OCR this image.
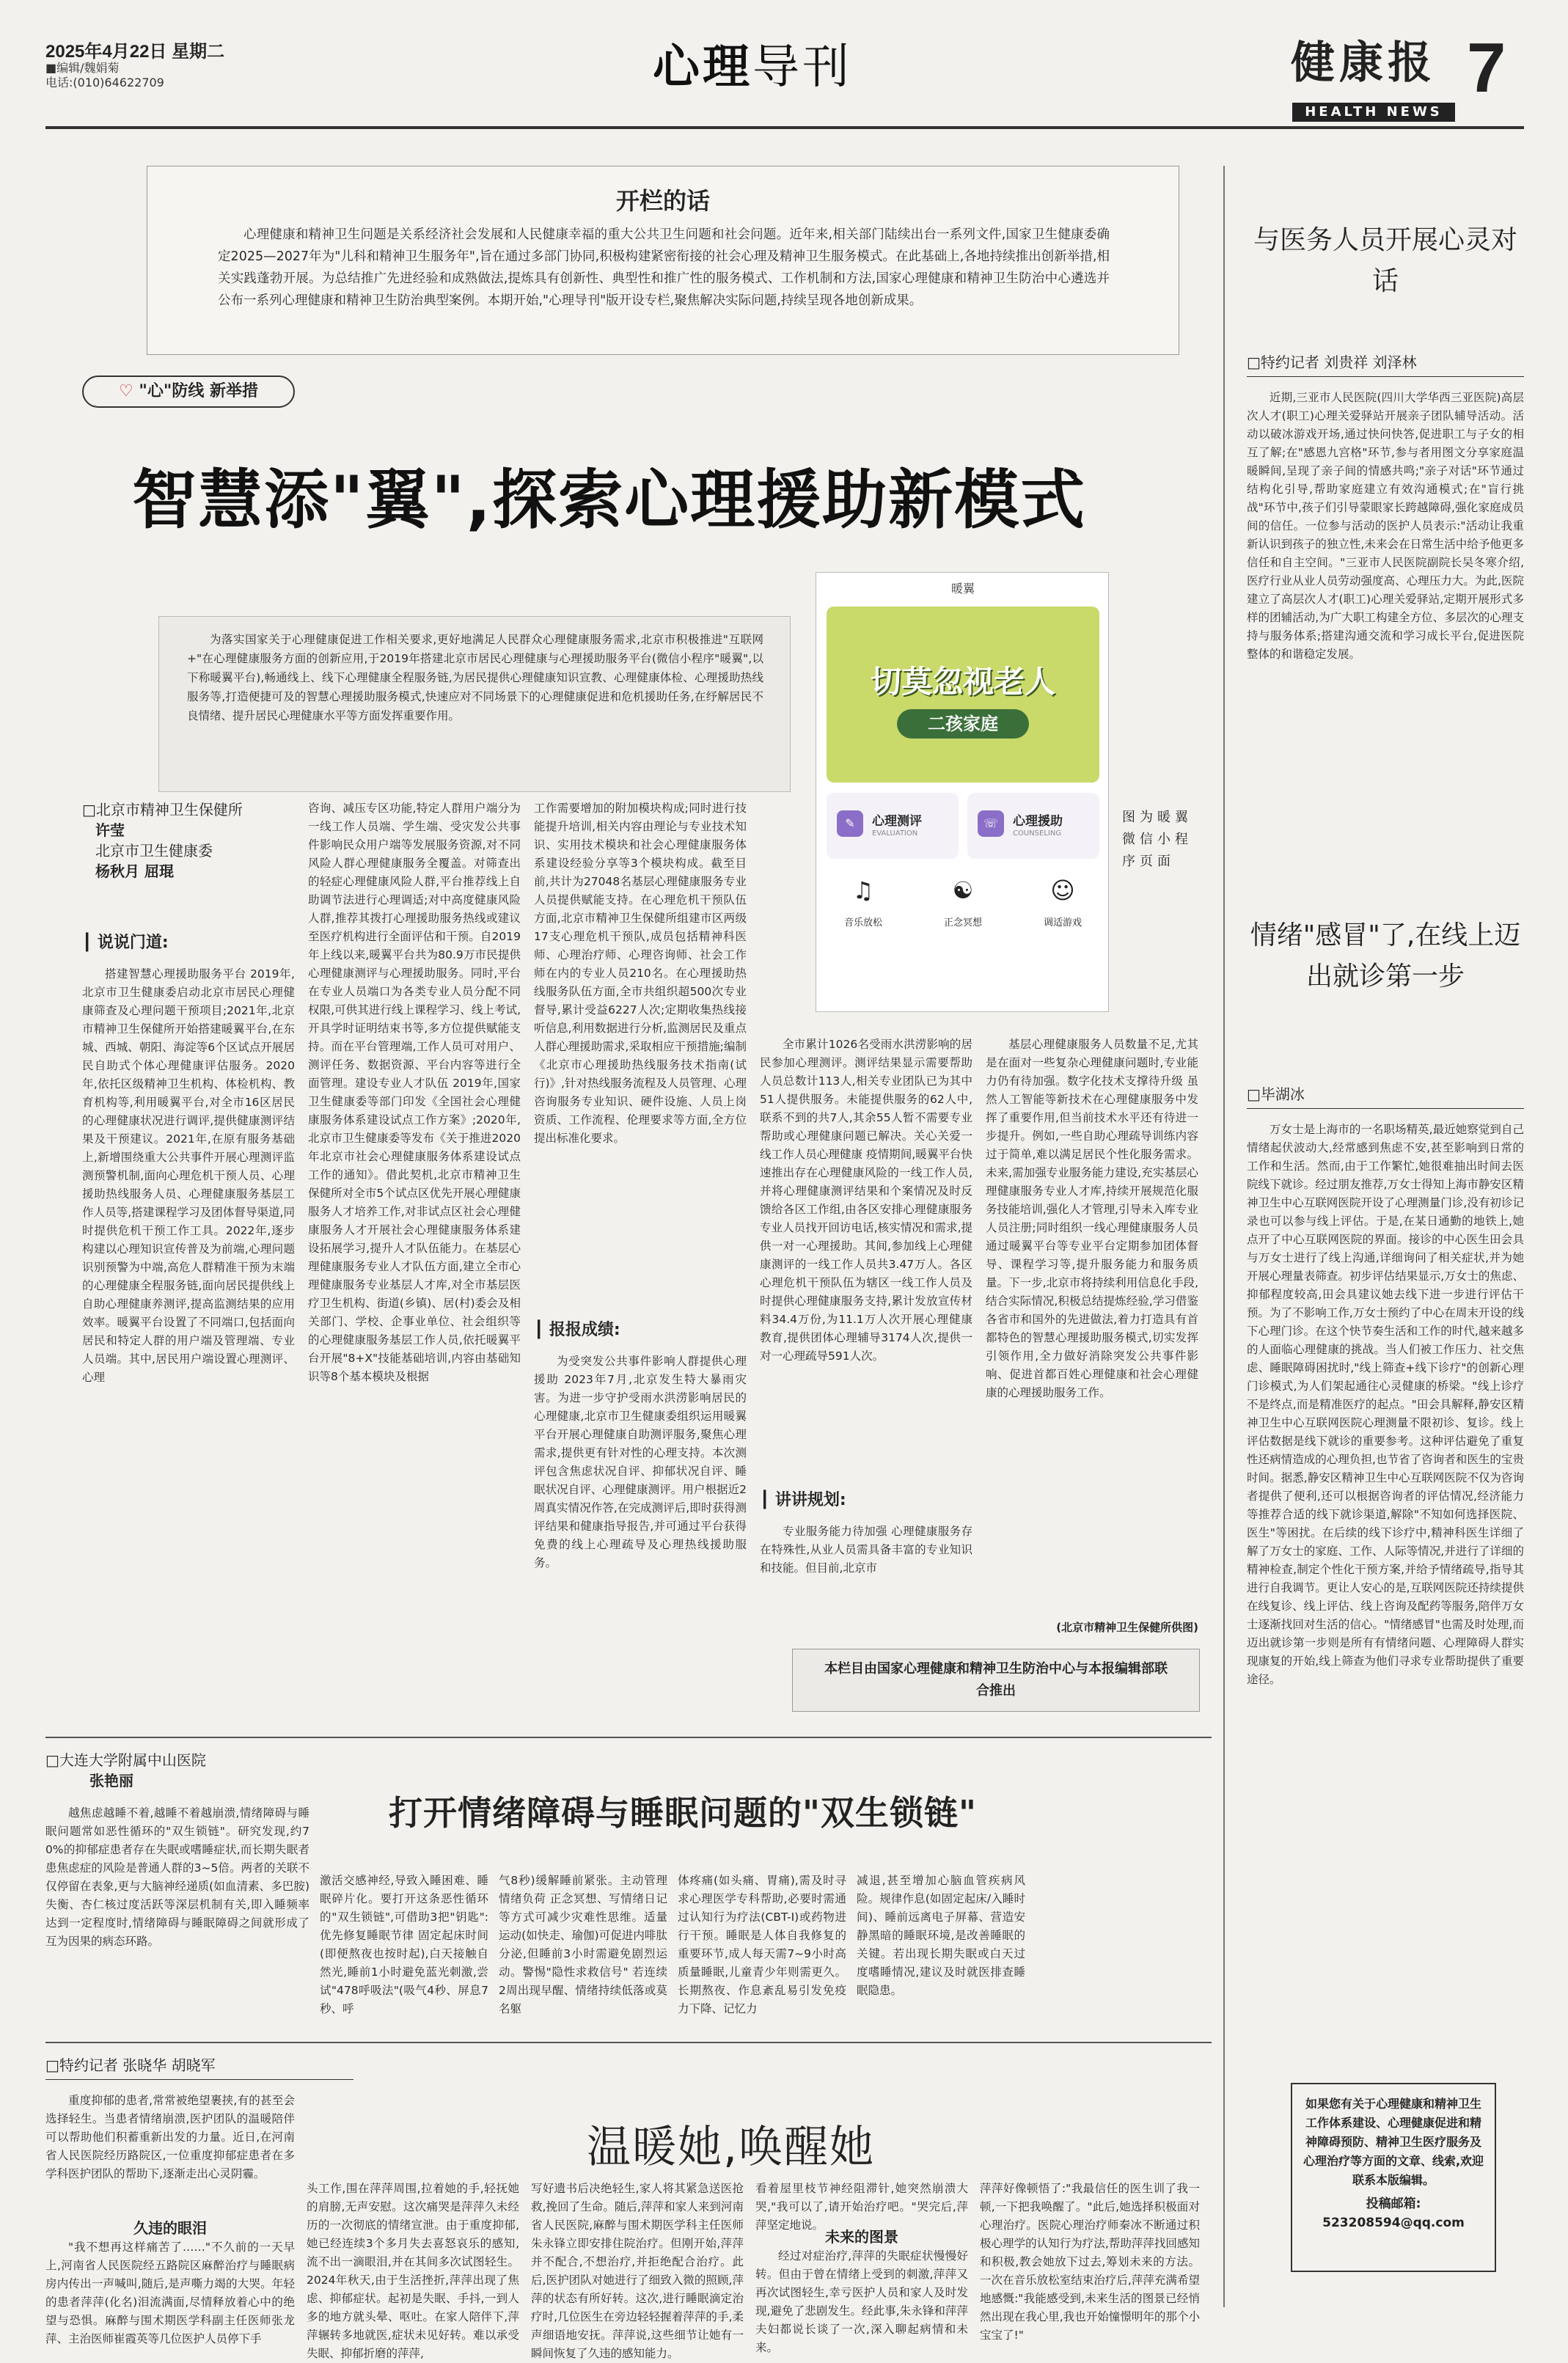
2025年4月22日 星期二
■编辑/魏娟菊
电话:(010)64622709	心理导刊	健康报
HEALTH NEWS
7
开栏的话
心理健康和精神卫生问题是关系经济社会发展和人民健康幸福的重大公共卫生问题和社会问题。近年来,相关部门陆续出台一系列文件,国家卫生健康委确定2025—2027年为"儿科和精神卫生服务年",旨在通过多部门协同,积极构建紧密衔接的社会心理及精神卫生服务模式。在此基础上,各地持续推出创新举措,相关实践蓬勃开展。为总结推广先进经验和成熟做法,提炼具有创新性、典型性和推广性的服务模式、工作机制和方法,国家心理健康和精神卫生防治中心遴选并公布一系列心理健康和精神卫生防治典型案例。本期开始,"心理导刊"版开设专栏,聚焦解决实际问题,持续呈现各地创新成果。
♡ "心"防线 新举措
智慧添"翼",探索心理援助新模式
为落实国家关于心理健康促进工作相关要求,更好地满足人民群众心理健康服务需求,北京市积极推进"互联网+"在心理健康服务方面的创新应用,于2019年搭建北京市居民心理健康与心理援助服务平台(微信小程序"暖翼",以下称暖翼平台),畅通线上、线下心理健康全程服务链,为居民提供心理健康知识宣教、心理健康体检、心理援助热线服务等,打造便捷可及的智慧心理援助服务模式,快速应对不同场景下的心理健康促进和危机援助任务,在纾解居民不良情绪、提升居民心理健康水平等方面发挥重要作用。
暖翼
切莫忽视老人
二孩家庭
✎	心理测评
EVALUATION
☏	心理援助
COUNSELING
♫
音乐放松
☯
正念冥想
☺
调适游戏
图为暖翼微信小程序页面
□北京市精神卫生保健所
许莹
北京市卫生健康委
杨秋月 屈琨
┃ 说说门道:
搭建智慧心理援助服务平台 2019年,北京市卫生健康委启动北京市居民心理健康筛查及心理问题干预项目;2021年,北京市精神卫生保健所开始搭建暖翼平台,在东城、西城、朝阳、海淀等6个区试点开展居民自助式个体心理健康评估服务。2020年,依托区级精神卫生机构、体检机构、教育机构等,利用暖翼平台,对全市16区居民的心理健康状况进行调评,提供健康测评结果及干预建议。2021年,在原有服务基础上,新增围绕重大公共事件开展心理测评监测预警机制,面向心理危机干预人员、心理援助热线服务人员、心理健康服务基层工作人员等,搭建课程学习及团体督导渠道,同时提供危机干预工作工具。2022年,逐步构建以心理知识宣传普及为前端,心理问题识别预警为中端,高危人群精准干预为末端的心理健康全程服务链,面向居民提供线上自助心理健康养测评,提高监测结果的应用效率。暖翼平台设置了不同端口,包括面向居民和特定人群的用户端及管理端、专业人员端。其中,居民用户端设置心理测评、心理
咨询、减压专区功能,特定人群用户端分为一线工作人员端、学生端、受灾发公共事件影响民众用户端等发展服务资源,对不同风险人群心理健康服务全覆盖。对筛查出的轻症心理健康风险人群,平台推荐线上自助调节法进行心理调适;对中高度健康风险人群,推荐其拨打心理援助服务热线或建议至医疗机构进行全面评估和干预。自2019年上线以来,暖翼平台共为80.9万市民提供心理健康测评与心理援助服务。同时,平台在专业人员端口为各类专业人员分配不同权限,可供其进行线上课程学习、线上考试,开具学时证明结束书等,多方位提供赋能支持。而在平台管理端,工作人员可对用户、测评任务、数据资源、平台内容等进行全面管理。建设专业人才队伍 2019年,国家卫生健康委等部门印发《全国社会心理健康服务体系建设试点工作方案》;2020年,北京市卫生健康委等发布《关于推进2020年北京市社会心理健康服务体系建设试点工作的通知》。借此契机,北京市精神卫生保健所对全市5个试点区优先开展心理健康服务人才培养工作,对非试点区社会心理健康服务人才开展社会心理健康服务体系建设拓展学习,提升人才队伍能力。在基层心理健康服务专业人才队伍方面,建立全市心理健康服务专业基层人才库,对全市基层医疗卫生机构、街道(乡镇)、居(村)委会及相关部门、学校、企事业单位、社会组织等的心理健康服务基层工作人员,依托暖翼平台开展"8+X"技能基础培训,内容由基础知识等8个基本模块及根据
工作需要增加的附加模块构成;同时进行技能提升培训,相关内容由理论与专业技术知识、实用技术模块和社会心理健康服务体系建设经验分享等3个模块构成。截至目前,共计为27048名基层心理健康服务专业人员提供赋能支持。在心理危机干预队伍方面,北京市精神卫生保健所组建市区两级17支心理危机干预队,成员包括精神科医师、心理治疗师、心理咨询师、社会工作师在内的专业人员210名。在心理援助热线服务队伍方面,全市共组织超500次专业督导,累计受益6227人次;定期收集热线接听信息,利用数据进行分析,监测居民及重点人群心理援助需求,采取相应干预措施;编制《北京市心理援助热线服务技术指南(试行)》,针对热线服务流程及人员管理、心理咨询服务专业知识、硬件设施、人员上岗资质、工作流程、伦理要求等方面,全方位提出标准化要求。
┃ 报报成绩:
为受突发公共事件影响人群提供心理援助 2023年7月,北京发生特大暴雨灾害。为进一步守护受雨水洪涝影响居民的心理健康,北京市卫生健康委组织运用暖翼平台开展心理健康自助测评服务,聚焦心理需求,提供更有针对性的心理支持。本次测评包含焦虑状况自评、抑郁状况自评、睡眠状况自评、心理健康测评。用户根据近2周真实情况作答,在完成测评后,即时获得测评结果和健康指导报告,并可通过平台获得免费的线上心理疏导及心理热线援助服务。
全市累计1026名受雨水洪涝影响的居民参加心理测评。测评结果显示需要帮助人员总数计113人,相关专业团队已为其中51人提供服务。未能提供服务的62人中,联系不到的共7人,其余55人暂不需要专业帮助或心理健康问题已解决。关心关爱一线工作人员心理健康 疫情期间,暖翼平台快速推出存在心理健康风险的一线工作人员,并将心理健康测评结果和个案情况及时反馈给各区工作组,由各区安排心理健康服务专业人员找开回访电话,核实情况和需求,提供一对一心理援助。其间,参加线上心理健康测评的一线工作人员共3.47万人。各区心理危机干预队伍为辖区一线工作人员及时提供心理健康服务支持,累计发放宣传材料34.4万份,为11.1万人次开展心理健康教育,提供团体心理辅导3174人次,提供一对一心理疏导591人次。
┃ 讲讲规划:
专业服务能力待加强 心理健康服务存在特殊性,从业人员需具备丰富的专业知识和技能。但目前,北京市
基层心理健康服务人员数量不足,尤其是在面对一些复杂心理健康问题时,专业能力仍有待加强。数字化技术支撑待升级 虽然人工智能等新技术在心理健康服务中发挥了重要作用,但当前技术水平还有待进一步提升。例如,一些自助心理疏导训练内容过于简单,难以满足居民个性化服务需求。未来,需加强专业服务能力建设,充实基层心理健康服务专业人才库,持续开展规范化服务技能培训,强化人才管理,引导未入库专业人员注册;同时组织一线心理健康服务人员通过暖翼平台等专业平台定期参加团体督导、课程学习等,提升服务能力和服务质量。下一步,北京市将持续利用信息化手段,结合实际情况,积极总结提炼经验,学习借鉴各省市和国外的先进做法,着力打造具有首都特色的智慧心理援助服务模式,切实发挥引领作用,全力做好消除突发公共事件影响、促进首都百姓心理健康和社会心理健康的心理援助服务工作。
(北京市精神卫生保健所供图)
本栏目由国家心理健康和精神卫生防治中心与本报编辑部联合推出
与医务人员开展心灵对话
□特约记者 刘贵祥 刘泽林
近期,三亚市人民医院(四川大学华西三亚医院)高层次人才(职工)心理关爱驿站开展亲子团队辅导活动。活动以破冰游戏开场,通过快问快答,促进职工与子女的相互了解;在"感恩九宫格"环节,参与者用图文分享家庭温暖瞬间,呈现了亲子间的情感共鸣;"亲子对话"环节通过结构化引导,帮助家庭建立有效沟通模式;在"盲行挑战"环节中,孩子们引导蒙眼家长跨越障碍,强化家庭成员间的信任。一位参与活动的医护人员表示:"活动让我重新认识到孩子的独立性,未来会在日常生活中给予他更多信任和自主空间。"三亚市人民医院副院长吴冬寒介绍,医疗行业从业人员劳动强度高、心理压力大。为此,医院建立了高层次人才(职工)心理关爱驿站,定期开展形式多样的团辅活动,为广大职工构建全方位、多层次的心理支持与服务体系;搭建沟通交流和学习成长平台,促进医院整体的和谐稳定发展。
情绪"感冒"了,在线上迈出就诊第一步
□毕湖冰
万女士是上海市的一名职场精英,最近她察觉到自己情绪起伏波动大,经常感到焦虑不安,甚至影响到日常的工作和生活。然而,由于工作繁忙,她很难抽出时间去医院线下就诊。经过朋友推荐,万女士得知上海市静安区精神卫生中心互联网医院开设了心理测量门诊,没有初诊记录也可以参与线上评估。于是,在某日通勤的地铁上,她点开了中心互联网医院的界面。接诊的中心医生田会具与万女士进行了线上沟通,详细询问了相关症状,并为她开展心理量表筛查。初步评估结果显示,万女士的焦虑、抑郁程度较高,田会具建议她去线下进一步进行评估干预。为了不影响工作,万女士预约了中心在周末开设的线下心理门诊。在这个快节奏生活和工作的时代,越来越多的人面临心理健康的挑战。当人们被工作压力、社交焦虑、睡眠障碍困扰时,"线上筛查+线下诊疗"的创新心理门诊模式,为人们架起通往心灵健康的桥梁。"线上诊疗不是终点,而是精准医疗的起点。"田会具解释,静安区精神卫生中心互联网医院心理测量不限初诊、复诊。线上评估数据是线下就诊的重要参考。这种评估避免了重复性还病情造成的心理负担,也节省了咨询者和医生的宝贵时间。据悉,静安区精神卫生中心互联网医院不仅为咨询者提供了便利,还可以根据咨询者的评估情况,经济能力等推荐合适的线下就诊渠道,解除"不知如何选择医院、医生"等困扰。在后续的线下诊疗中,精神科医生详细了解了万女士的家庭、工作、人际等情况,并进行了详细的精神检查,制定个性化干预方案,并给予情绪疏导,指导其进行自我调节。更让人安心的是,互联网医院还持续提供在线复诊、线上评估、线上咨询及配药等服务,陪伴万女士逐渐找回对生活的信心。"情绪感冒"也需及时处理,而迈出就诊第一步则是所有有情绪问题、心理障碍人群实现康复的开始,线上筛查为他们寻求专业帮助提供了重要途径。
如果您有关于心理健康和精神卫生工作体系建设、心理健康促进和精神障碍预防、精神卫生医疗服务及心理治疗等方面的文章、线索,欢迎联系本版编辑。
投稿邮箱:
523208594@qq.com
□大连大学附属中山医院
张艳丽
打开情绪障碍与睡眠问题的"双生锁链"
越焦虑越睡不着,越睡不着越崩溃,情绪障碍与睡眠问题常如恶性循环的"双生锁链"。研究发现,约70%的抑郁症患者存在失眠或嗜睡症状,而长期失眠者患焦虑症的风险是普通人群的3~5倍。两者的关联不仅停留在表象,更与大脑神经递质(如血清素、多巴胺)失衡、杏仁核过度活跃等深层机制有关,即入睡频率达到一定程度时,情绪障碍与睡眠障碍之间就形成了互为因果的病态环路。
激活交感神经,导致入睡困难、睡眠碎片化。要打开这条恶性循环的"双生锁链",可借助3把"钥匙":优先修复睡眠节律 固定起床时间(即便熬夜也按时起),白天接触自然光,睡前1小时避免蓝光刺激,尝试"478呼吸法"(吸气4秒、屏息7秒、呼
气8秒)缓解睡前紧张。主动管理情绪负荷 正念冥想、写情绪日记等方式可减少灾难性思维。适量运动(如快走、瑜伽)可促进内啡肽分泌,但睡前3小时需避免剧烈运动。警惕"隐性求救信号" 若连续2周出现早醒、情绪持续低落或莫名躯
体疼痛(如头痛、胃痛),需及时寻求心理医学专科帮助,必要时需通过认知行为疗法(CBT-I)或药物进行干预。睡眠是人体自我修复的重要环节,成人每天需7~9小时高质量睡眠,儿童青少年则需更久。长期熬夜、作息紊乱易引发免疫力下降、记忆力
减退,甚至增加心脑血管疾病风险。规律作息(如固定起床/入睡时间)、睡前远离电子屏幕、营造安静黑暗的睡眠环境,是改善睡眠的关键。若出现长期失眠或白天过度嗜睡情况,建议及时就医排查睡眠隐患。
□特约记者 张晓华 胡晓军
温暖她,唤醒她
重度抑郁的患者,常常被绝望裹挟,有的甚至会选择轻生。当患者情绪崩溃,医护团队的温暖陪伴可以帮助他们积蓄重新出发的力量。近日,在河南省人民医院经历路院区,一位重度抑郁症患者在多学科医护团队的帮助下,逐渐走出心灵阴霾。
久违的眼泪
"我不想再这样痛苦了……"不久前的一天早上,河南省人民医院经五路院区麻醉治疗与睡眠病房内传出一声喊叫,随后,是声嘶力竭的大哭。年轻的患者萍萍(化名)泪流满面,尽情释放着心中的绝望与恐惧。麻醉与围术期医学科副主任医师张龙萍、主治医师崔霞英等几位医护人员停下手
头工作,围在萍萍周围,拉着她的手,轻抚她的肩膀,无声安慰。这次痛哭是萍萍久未经历的一次彻底的情绪宣泄。由于重度抑郁,她已经连续3个多月失去喜怒哀乐的感知,流不出一滴眼泪,并在其间多次试图轻生。2024年秋天,由于生活挫折,萍萍出现了焦虑、抑郁症状。起初是失眠、手抖,一到人多的地方就头晕、呕吐。在家人陪伴下,萍萍辗转多地就医,症状未见好转。难以承受失眠、抑郁折磨的萍萍,
写好遗书后决绝轻生,家人将其紧急送医抢救,挽回了生命。随后,萍萍和家人来到河南省人民医院,麻醉与围术期医学科主任医师朱永锋立即安排住院治疗。但刚开始,萍萍并不配合,不想治疗,并拒绝配合治疗。此后,医护团队对她进行了细致入微的照顾,萍萍的状态有所好转。这次,进行睡眠滴定治疗时,几位医生在旁边轻轻握着萍萍的手,柔声细语地安抚。萍萍说,这些细节让她有一瞬间恢复了久违的感知能力。
看着屋里枝节神经阻滞针,她突然崩溃大哭,"我可以了,请开始治疗吧。"哭完后,萍萍坚定地说。
未来的图景
经过对症治疗,萍萍的失眠症状慢慢好转。但由于曾在情绪上受到的刺激,萍萍又再次试图轻生,幸亏医护人员和家人及时发现,避免了悲剧发生。经此事,朱永锋和萍萍夫妇都说长谈了一次,深入聊起病情和未来。
萍萍好像顿悟了:"我最信任的医生训了我一顿,一下把我唤醒了。"此后,她选择积极面对心理治疗。医院心理治疗师秦冰不断通过积极心理学的认知行为疗法,帮助萍萍找回感知和积极,教会她放下过去,筹划未来的方法。一次在音乐放松室结束治疗后,萍萍充满希望地感慨:"我能感受到,未来生活的图景已经悄然出现在我心里,我也开始憧憬明年的那个小宝宝了!"
